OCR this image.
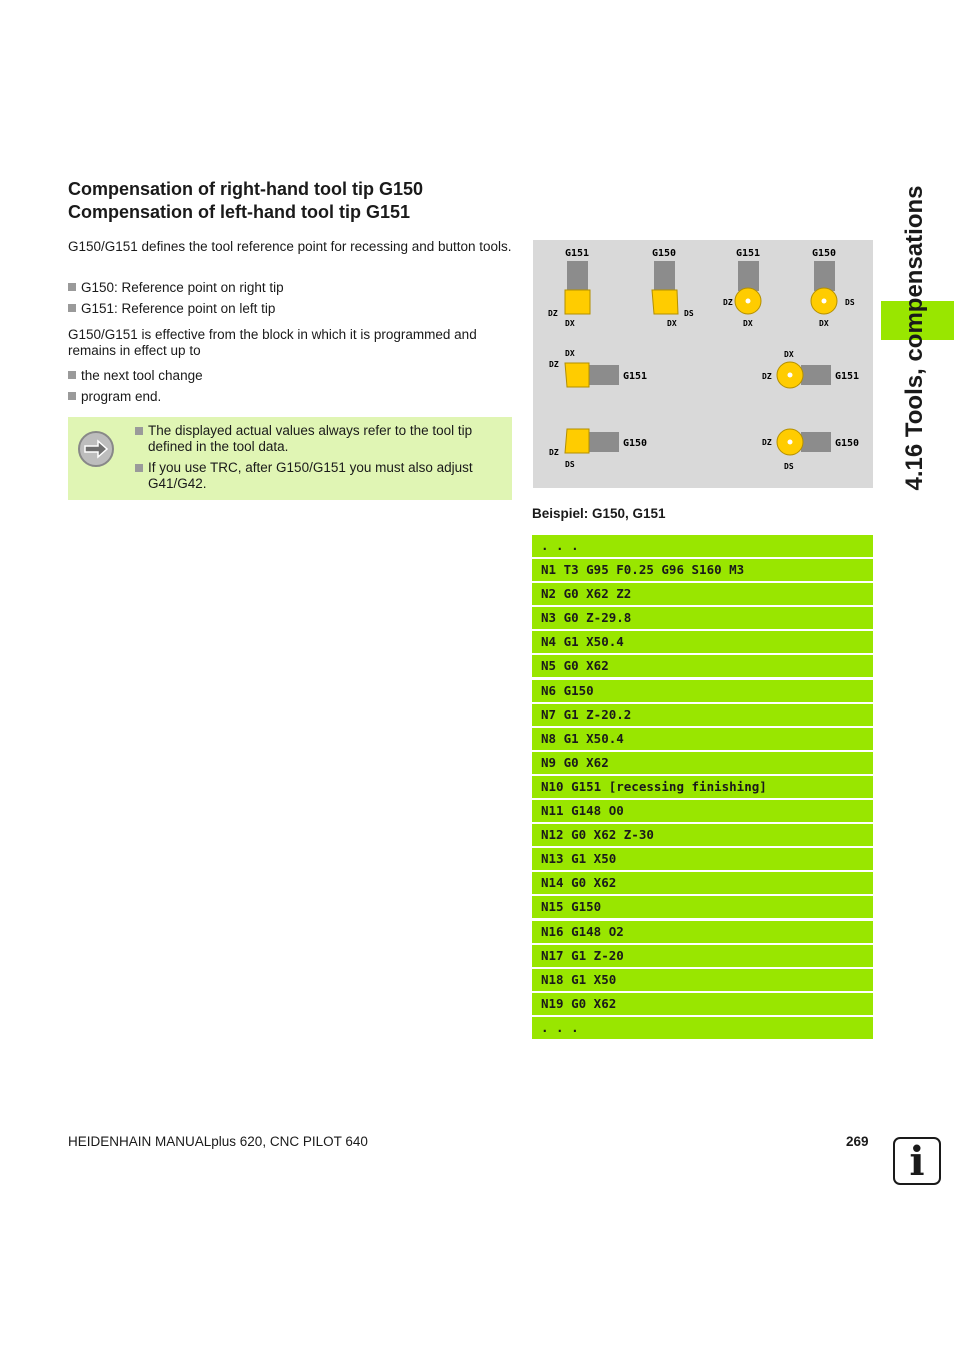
Compensation of right-hand tool tip G150
Compensation of left-hand tool tip G151

G150/G151 defines the tool reference point for recessing and button tools.

G150: Reference point on right tip
G151: Reference point on left tip

G150/G151 is effective from the block in which it is programmed and remains in effect up to

the next tool change
program end.
The displayed actual values always refer to the tool tip defined in the tool data.
If you use TRC, after G150/G151 you must also adjust G41/G42.
G151
DZ
DX
G150
DS
DX
G151
DZ
DX
G150
DS
DX
G151
DZ
DX
G151
DZ
DX
G150
DZ
DS
G150
DZ
DS
Beispiel: G150, G151
. . .
N1 T3 G95 F0.25 G96 S160 M3
N2 G0 X62 Z2
N3 G0 Z-29.8
N4 G1 X50.4
N5 G0 X62
N6 G150
N7 G1 Z-20.2
N8 G1 X50.4
N9 G0 X62
N10 G151 [recessing finishing]
N11 G148 O0
N12 G0 X62 Z-30
N13 G1 X50
N14 G0 X62
N15 G150
N16 G148 O2
N17 G1 Z-20
N18 G1 X50
N19 G0 X62
. . .
4.16 Tools, compensations
HEIDENHAIN MANUALplus 620, CNC PILOT 640	269	i
